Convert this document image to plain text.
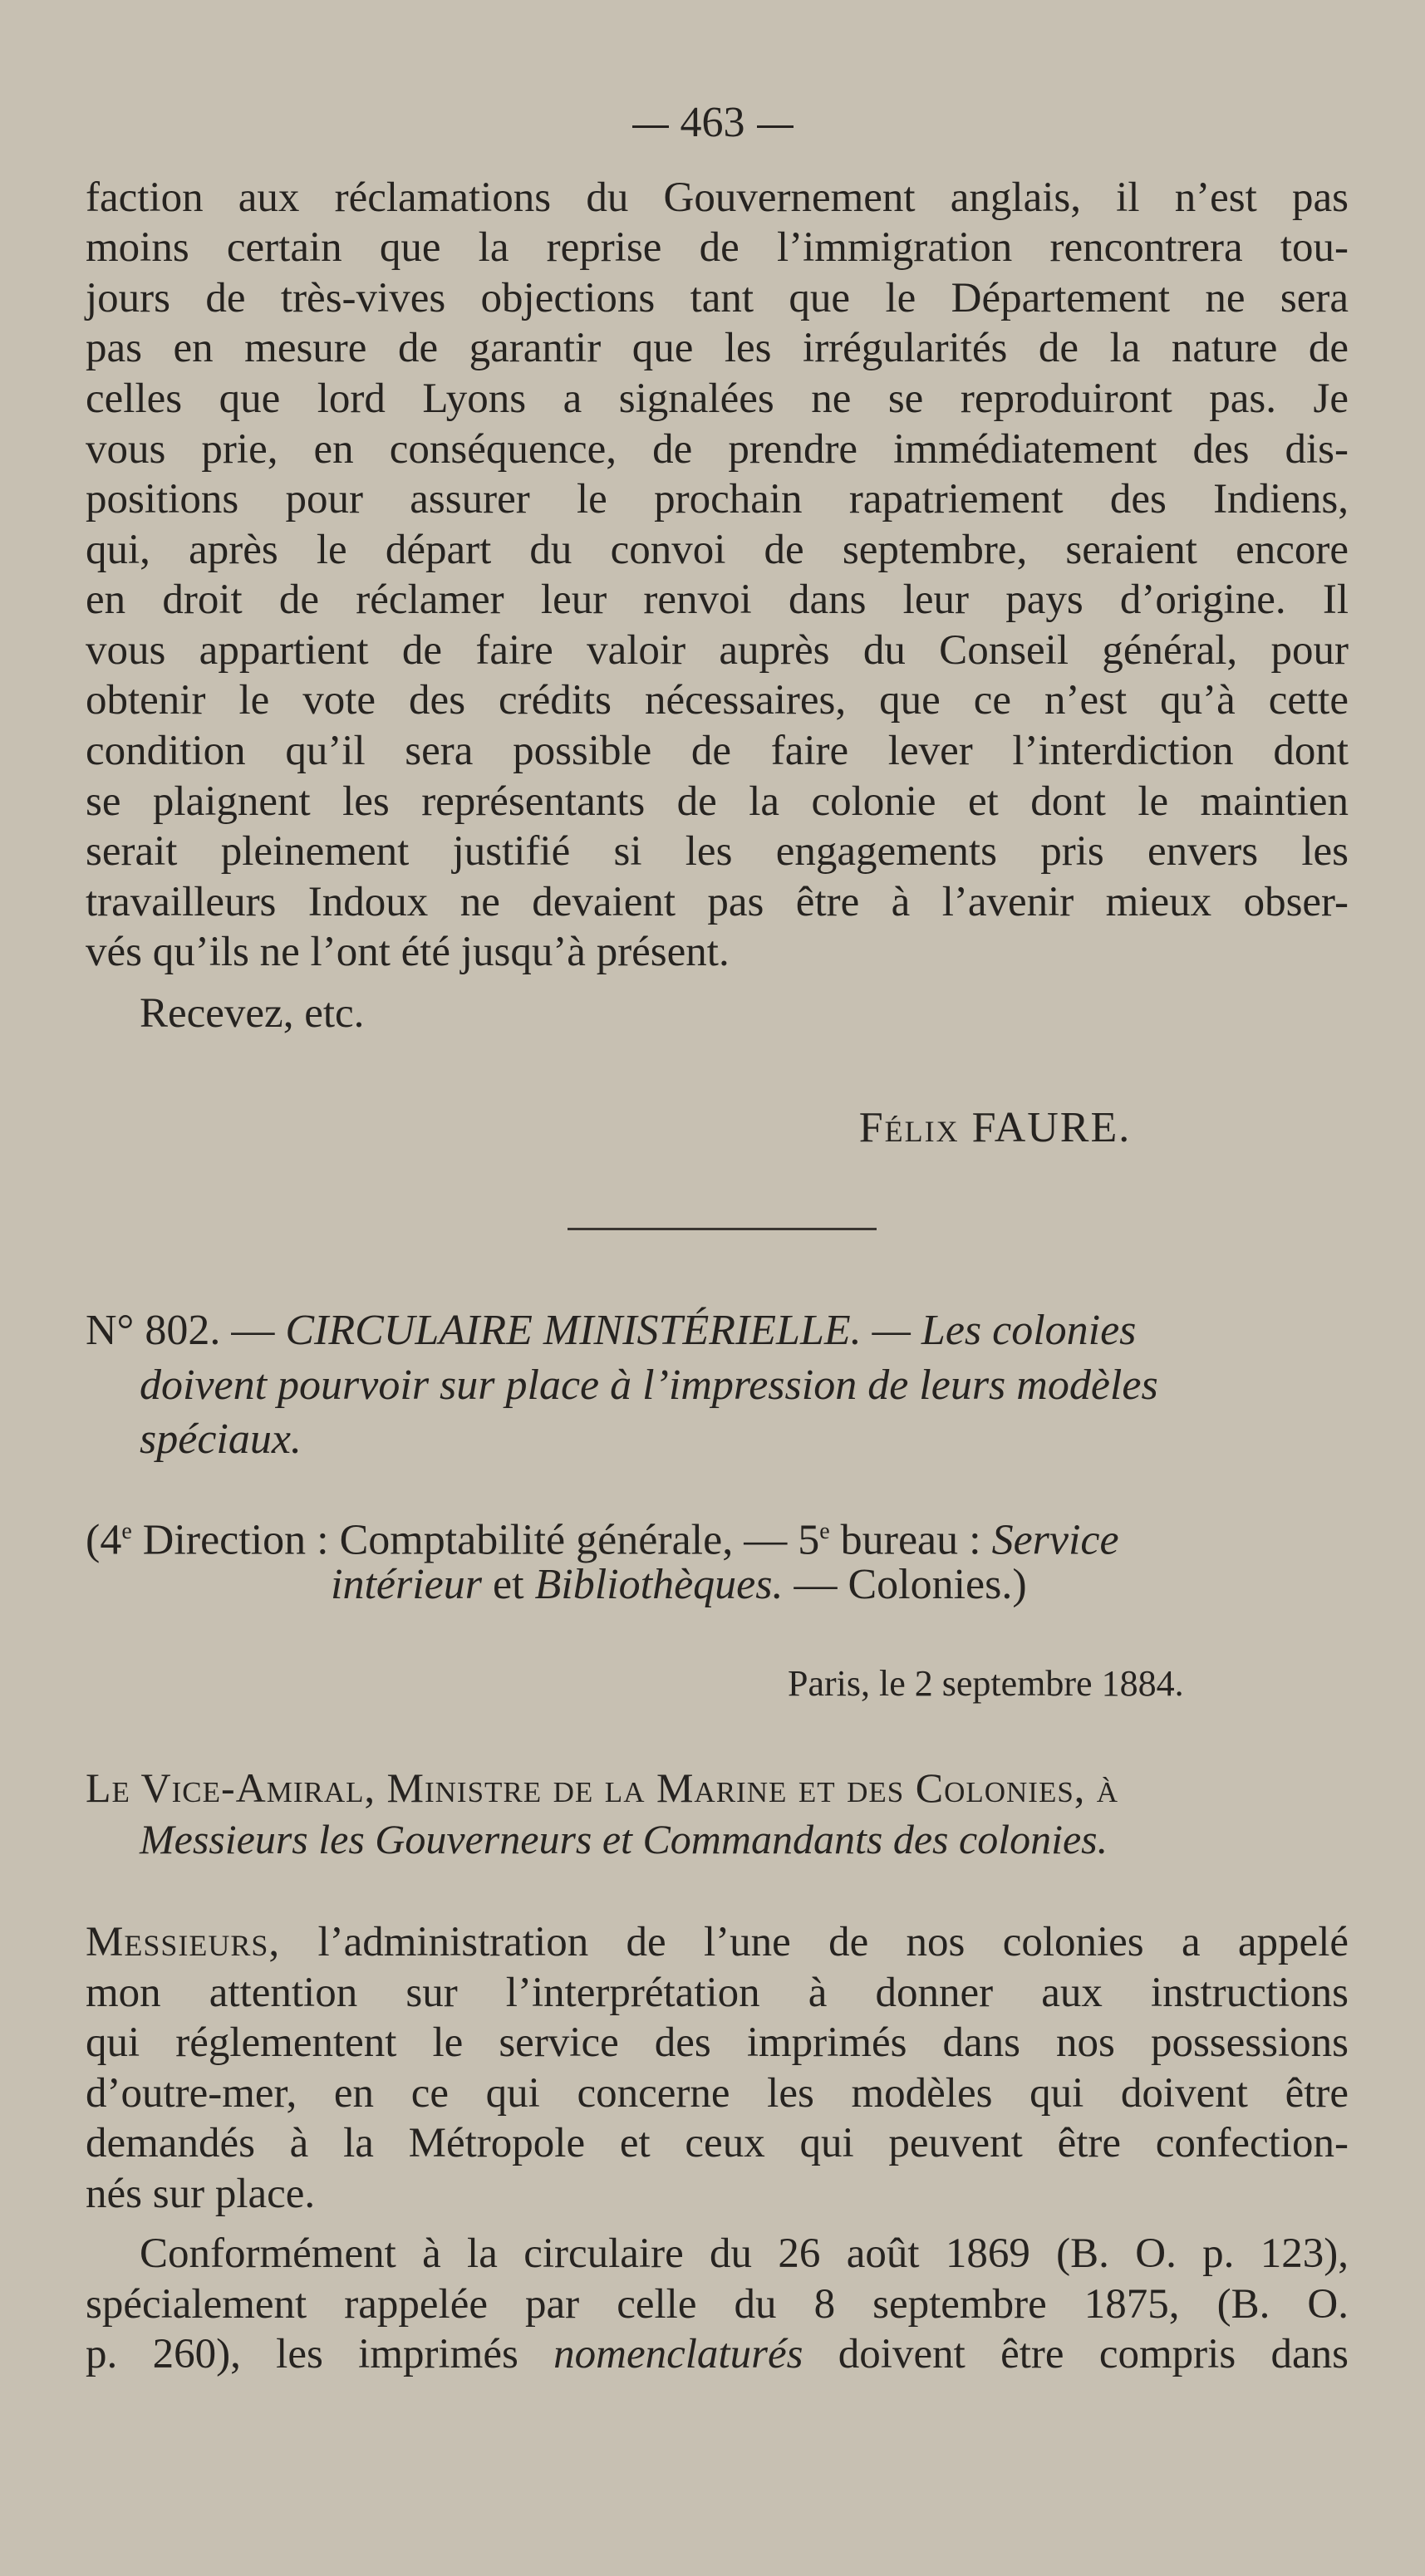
463
faction aux réclamations du Gouvernement anglais, il n’est pas
moins certain que la reprise de l’immigration rencontrera tou-
jours de très-vives objections tant que le Département ne sera
pas en mesure de garantir que les irrégularités de la nature de
celles que lord Lyons a signalées ne se reproduiront pas. Je
vous prie, en conséquence, de prendre immédiatement des dis-
positions pour assurer le prochain rapatriement des Indiens,
qui, après le départ du convoi de septembre, seraient encore
en droit de réclamer leur renvoi dans leur pays d’origine. Il
vous appartient de faire valoir auprès du Conseil général, pour
obtenir le vote des crédits nécessaires, que ce n’est qu’à cette
condition qu’il sera possible de faire lever l’interdiction dont
se plaignent les représentants de la colonie et dont le maintien
serait pleinement justifié si les engagements pris envers les
travailleurs Indoux ne devaient pas être à l’avenir mieux obser-
vés qu’ils ne l’ont été jusqu’à présent.
Recevez, etc.
Félix FAURE.
N° 802. — CIRCULAIRE MINISTÉRIELLE. — Les colonies
doivent pourvoir sur place à l’impression de leurs modèles
spéciaux.
(4e Direction : Comptabilité générale, — 5e bureau : Service
intérieur et Bibliothèques. — Colonies.)
Paris, le 2 septembre 1884.
Le Vice-Amiral, Ministre de la Marine et des Colonies, à
Messieurs les Gouverneurs et Commandants des colonies.
Messieurs, l’administration de l’une de nos colonies a appelé
mon attention sur l’interprétation à donner aux instructions
qui réglementent le service des imprimés dans nos possessions
d’outre-mer, en ce qui concerne les modèles qui doivent être
demandés à la Métropole et ceux qui peuvent être confection-
nés sur place.
Conformément à la circulaire du 26 août 1869 (B. O. p. 123),
spécialement rappelée par celle du 8 septembre 1875, (B. O.
p. 260), les imprimés nomenclaturés doivent être compris dans
